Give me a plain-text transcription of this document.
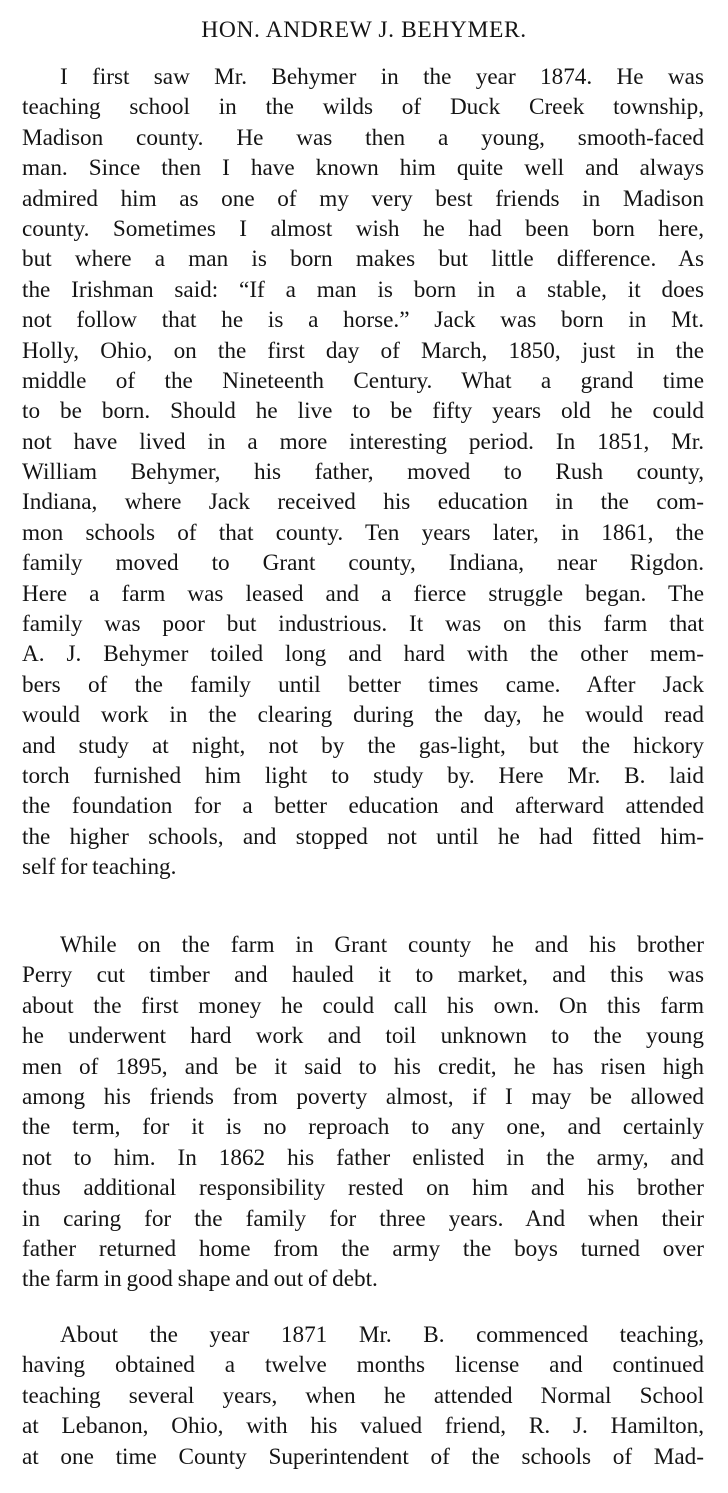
HON. ANDREW J. BEHYMER.
I first saw Mr. Behymer in the year 1874. He was
teaching school in the wilds of Duck Creek township,
Madison county. He was then a young, smooth-faced
man. Since then I have known him quite well and always
admired him as one of my very best friends in Madison
county. Sometimes I almost wish he had been born here,
but where a man is born makes but little difference. As
the Irishman said: “If a man is born in a stable, it does
not follow that he is a horse.” Jack was born in Mt.
Holly, Ohio, on the first day of March, 1850, just in the
middle of the Nineteenth Century. What a grand time
to be born. Should he live to be fifty years old he could
not have lived in a more interesting period. In 1851, Mr.
William Behymer, his father, moved to Rush county,
Indiana, where Jack received his education in the com-
mon schools of that county. Ten years later, in 1861, the
family moved to Grant county, Indiana, near Rigdon.
Here a farm was leased and a fierce struggle began. The
family was poor but industrious. It was on this farm that
A. J. Behymer toiled long and hard with the other mem-
bers of the family until better times came. After Jack
would work in the clearing during the day, he would read
and study at night, not by the gas-light, but the hickory
torch furnished him light to study by. Here Mr. B. laid
the foundation for a better education and afterward attended
the higher schools, and stopped not until he had fitted him-
self for teaching.
While on the farm in Grant county he and his brother
Perry cut timber and hauled it to market, and this was
about the first money he could call his own. On this farm
he underwent hard work and toil unknown to the young
men of 1895, and be it said to his credit, he has risen high
among his friends from poverty almost, if I may be allowed
the term, for it is no reproach to any one, and certainly
not to him. In 1862 his father enlisted in the army, and
thus additional responsibility rested on him and his brother
in caring for the family for three years. And when their
father returned home from the army the boys turned over
the farm in good shape and out of debt.
About the year 1871 Mr. B. commenced teaching,
having obtained a twelve months license and continued
teaching several years, when he attended Normal School
at Lebanon, Ohio, with his valued friend, R. J. Hamilton,
at one time County Superintendent of the schools of Mad-
